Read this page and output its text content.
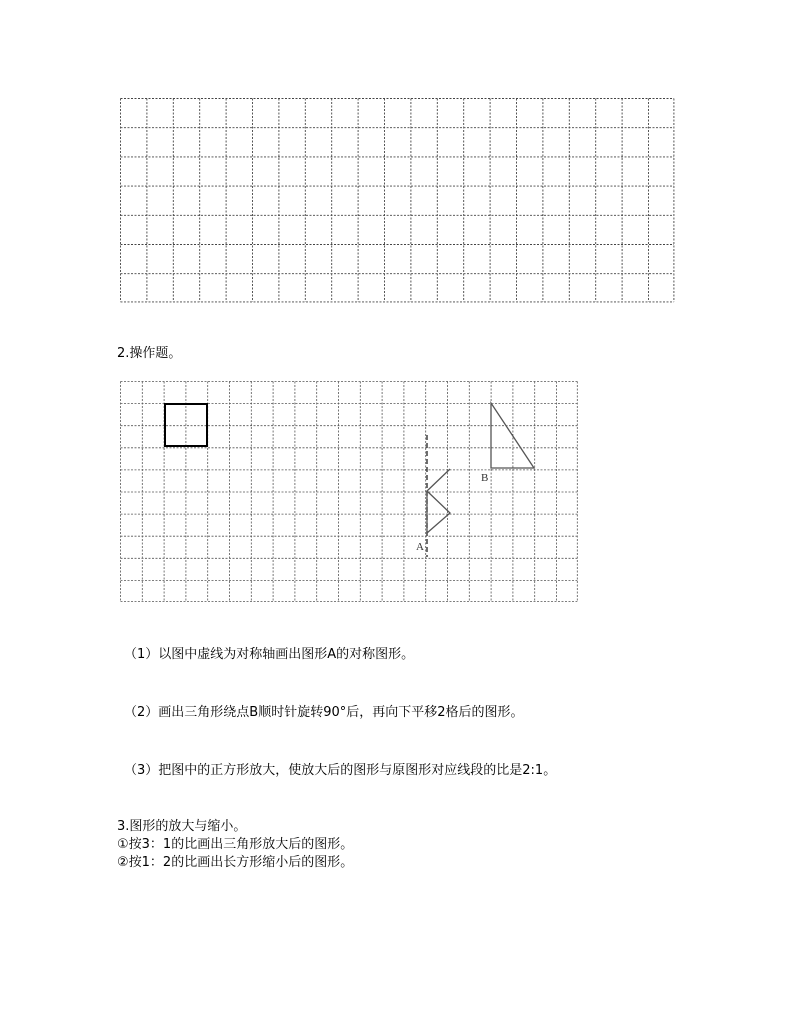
2.操作题。
A
B
（1）以图中虚线为对称轴画出图形A的对称图形。
（2）画出三角形绕点B顺时针旋转90°后，再向下平移2格后的图形。
（3）把图中的正方形放大，使放大后的图形与原图形对应线段的比是2:1。
3.图形的放大与缩小。
①按3：1的比画出三角形放大后的图形。
②按1：2的比画出长方形缩小后的图形。
